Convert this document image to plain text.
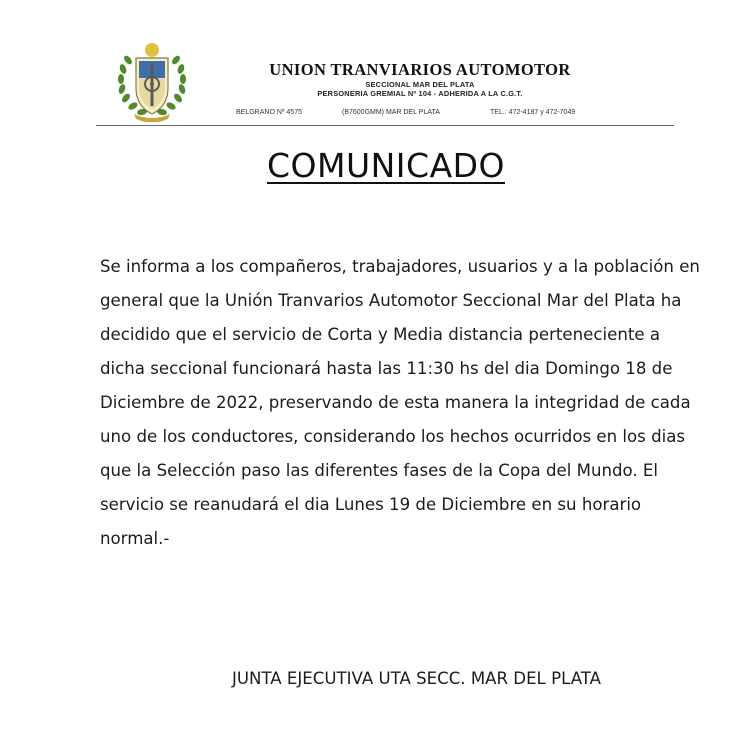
UNION TRANVIARIOS AUTOMOTOR
SECCIONAL MAR DEL PLATA
PERSONERIA GREMIAL Nº 104 - ADHERIDA A LA C.G.T.
BELGRANO Nº 4575	(B7600GMM) MAR DEL PLATA	TEL.: 472-4187 y 472-7049
COMUNICADO

Se informa a los compañeros, trabajadores, usuarios y a la población en general que la Unión Tranvarios Automotor Seccional Mar del Plata ha decidido que el servicio de Corta y Media distancia perteneciente a dicha seccional funcionará hasta las 11:30 hs del dia Domingo 18 de Diciembre de 2022, preservando de esta manera la integridad de cada uno de los conductores, considerando los hechos ocurridos en los dias que la Selección paso las diferentes fases de la Copa del Mundo. El servicio se reanudará el dia Lunes 19 de Diciembre en su horario normal.-

JUNTA EJECUTIVA UTA SECC. MAR DEL PLATA
